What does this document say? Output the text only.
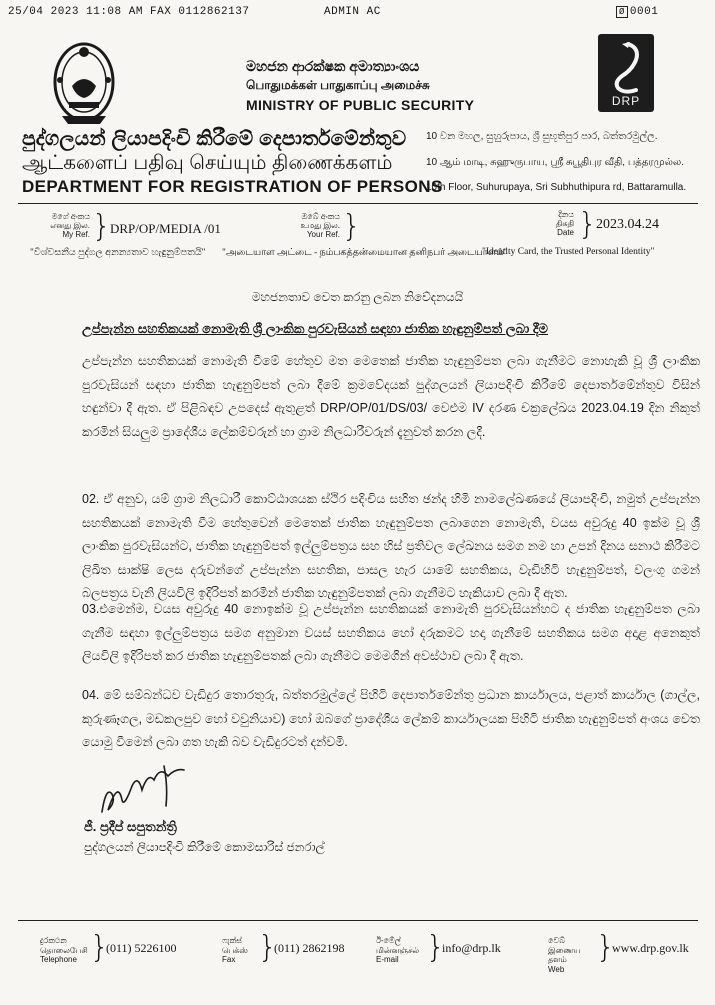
25/04 2023 11:08 AM FAX 0112862137	ADMIN AC	Ø 0001
මහජන ආරක්ෂක අමාත්‍යාංශය
பொதுமக்கள் பாதுகாப்பு அமைச்சு
MINISTRY OF PUBLIC SECURITY	DRP
පුද්ගලයන් ලියාපදිංචි කිරීමේ දෙපාර්තමේන්තුව
ஆட்களைப் பதிவு செய்யும் திணைக்களம்
DEPARTMENT FOR REGISTRATION OF PERSONS
10 වන මහල, සුහුරුපාය, ශ්‍රී සුභූතිපුර පාර, බත්තරමුල්ල.
10 ஆம் மாடி, சுஹுருபாய, ஸ்ரீ சுபூதிபுர வீதி, பத்தரமுல்ல.
10th Floor, Suhurupaya, Sri Subhuthipura rd, Battaramulla.
මගේ අංකය
எனது இல.
My Ref. }
DRP/OP/MEDIA /01
ඔබේ අංකය
உமது இல.
Your Ref. }	දිනය
திகதி
Date }
2023.04.24
"විශ්වසනීය පුද්ගල අනන්‍යතාව හැඳුනුම්පතයි" "அடையாள அட்டை - நம்பகத்தன்மையான தனிநபர் அடையாளம்"
"Identity Card, the Trusted Personal Identity"
මහජනතාව වෙත කරනු ලබන නිවේදනයයි
උප්පැන්න සහතිකයක් නොමැති ශ්‍රී ලාංකික පුරවැසියන් සඳහා ජාතික හැඳුනුම්පත් ලබා දීම

උප්පැන්න සහතිකයක් නොමැති වීමේ හේතුව මත මෙතෙක් ජාතික හැඳුනුම්පත ලබා ගැනීමට නොහැකි වූ ශ්‍රී ලාංකික පුරවැසියන් සඳහා ජාතික හැඳුනුම්පත් ලබා දීමේ ක්‍රමවේදයක් පුද්ගලයන් ලියාපදිංචි කිරීමේ දෙපාර්තමේන්තුව විසින් හඳුන්වා දී ඇත. ඒ පිළිබඳව උපදෙස් ඇතුළත් DRP/OP/01/DS/03/ වෙළුම IV දරණ චක්‍රලේඛය 2023.04.19 දින නිකුත් කරමින් සියලුම ප්‍රාදේශීය ලේකම්වරුන් හා ග්‍රාම නිලධාරීවරුන් දැනුවත් කරන ලදී.

02. ඒ අනුව, යම් ග්‍රාම නිලධාරී කොට්ඨාශයක ස්ථිර පදිංචිය සහිත ඡන්ද හිමි නාමලේඛණයේ ලියාපදිංචි, නමුත් උප්පැන්න සහතිකයක් නොමැති වීම හේතුවෙන් මෙතෙක් ජාතික හැඳුනුම්පත ලබාගෙන නොමැති, වයස අවුරුදු 40 ඉක්ම වූ ශ්‍රී ලාංකික පුරවැසියන්ට, ජාතික හැඳුනුම්පත් ඉල්ලුම්පත්‍රය සහ හිස් ප්‍රතිවල ලේඛනය සමග නම හා උපන් දිනය සනාථ කිරීමට ලිඛිත සාක්ෂි ලෙස දරුවන්ගේ උප්පැන්න සහතික, පාසල හැර යාමේ සහතිකය, වැඩිහිටි හැඳුනුම්පත්, වලංගු ගමන් බලපත්‍රය වැනි ලියවිලි ඉදිරිපත් කරමින් ජාතික හැඳුනුම්පතක් ලබා ගැනීමට හැකියාව ලබා දී ඇත.

03.එමෙන්ම, වයස අවුරුදු 40 නොඉක්ම වූ උප්පැන්න සහතිකයක් නොමැති පුරවැසියන්හට ද ජාතික හැඳුනුම්පත ලබා ගැනීම සඳහා ඉල්ලුම්පත්‍රය සමග අනුමාන වයස් සහතිකය හෝ දරුකමට හදා ගැනීමේ සහතිකය සමග අදාළ අනෙකුත් ලියවිලි ඉදිරිපත් කර ජාතික හැඳුනුම්පතක් ලබා ගැනීමට මෙමගින් අවස්ථාව ලබා දී ඇත.

04. මේ සම්බන්ධව වැඩිදුර තොරතුරු, බත්තරමුල්ලේ පිහිටි දෙපාර්තමේන්තු ප්‍රධාන කාර්යාලය, පළාත් කාර්යාල (ගාල්ල, කුරුණෑගල, මඩකලපුව හෝ වවුනියාව) හෝ ඔබගේ ප්‍රාදේශීය ලේකම් කාර්යාලයක පිහිටි ජාතික හැඳුනුම්පත් අංශය වෙත යොමු වීමෙන් ලබා ගත හැකි බව වැඩිදුරටත් දන්වමි.

ජී. ප්‍රදීප් සපුතන්ත්‍රි
පුද්ගලයන් ලියාපදිංචි කිරීමේ කොමසාරිස් ජනරාල්
දුරකථන
தொலைபேசி
Telephone }
(011) 5226100
ෆැක්ස්
பெக்ஸ்
Fax }
(011) 2862198
ඊ-මේල්
மின்னஞ்சல்
E-mail }
info@drp.lk
වෙබ්
இணைய தளம்
Web
}
www.drp.gov.lk
